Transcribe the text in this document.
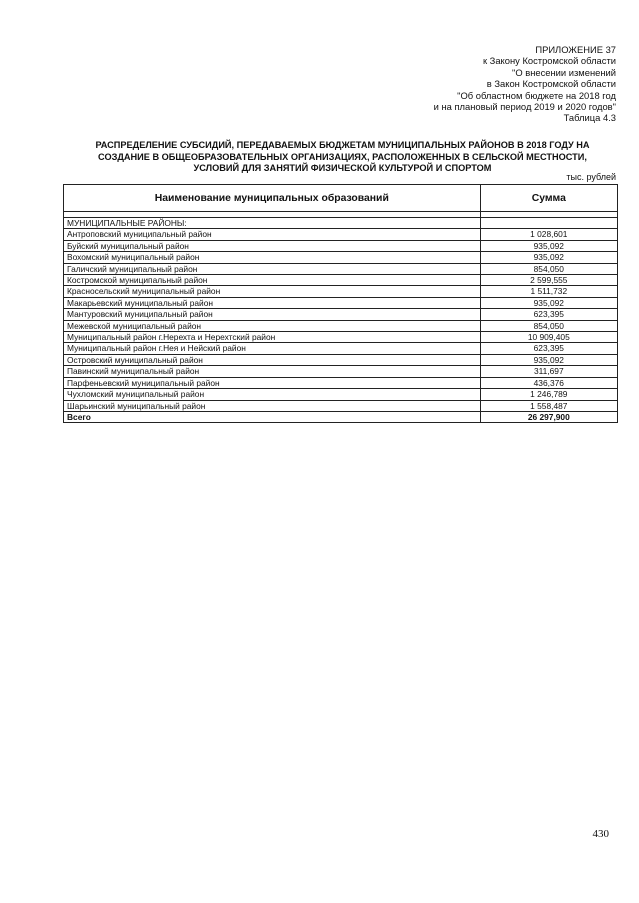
ПРИЛОЖЕНИЕ 37
к Закону Костромской области
"О внесении изменений
в Закон Костромской области
"Об областном бюджете на 2018 год
и на плановый период 2019 и 2020 годов"
Таблица 4.3
РАСПРЕДЕЛЕНИЕ СУБСИДИЙ, ПЕРЕДАВАЕМЫХ БЮДЖЕТАМ МУНИЦИПАЛЬНЫХ РАЙОНОВ В 2018 ГОДУ НА
СОЗДАНИЕ В ОБЩЕОБРАЗОВАТЕЛЬНЫХ ОРГАНИЗАЦИЯХ, РАСПОЛОЖЕННЫХ В СЕЛЬСКОЙ МЕСТНОСТИ,
УСЛОВИЙ ДЛЯ ЗАНЯТИЙ ФИЗИЧЕСКОЙ КУЛЬТУРОЙ И СПОРТОМ
тыс. рублей
Наименование муниципальных образований	Сумма

МУНИЦИПАЛЬНЫЕ РАЙОНЫ:	
Антроповский муниципальный район	1 028,601
Буйский муниципальный район	935,092
Вохомский муниципальный район	935,092
Галичский муниципальный район	854,050
Костромской муниципальный район	2 599,555
Красносельский муниципальный район	1 511,732
Макарьевский муниципальный район	935,092
Мантуровский муниципальный район	623,395
Межевской муниципальный район	854,050
Муниципальный район г.Нерехта и Нерехтский район	10 909,405
Муниципальный район г.Нея и Нейский район	623,395
Островский муниципальный район	935,092
Павинский муниципальный район	311,697
Парфеньевский муниципальный район	436,376
Чухломский муниципальный район	1 246,789
Шарьинский муниципальный район	1 558,487
Всего	26 297,900
430
